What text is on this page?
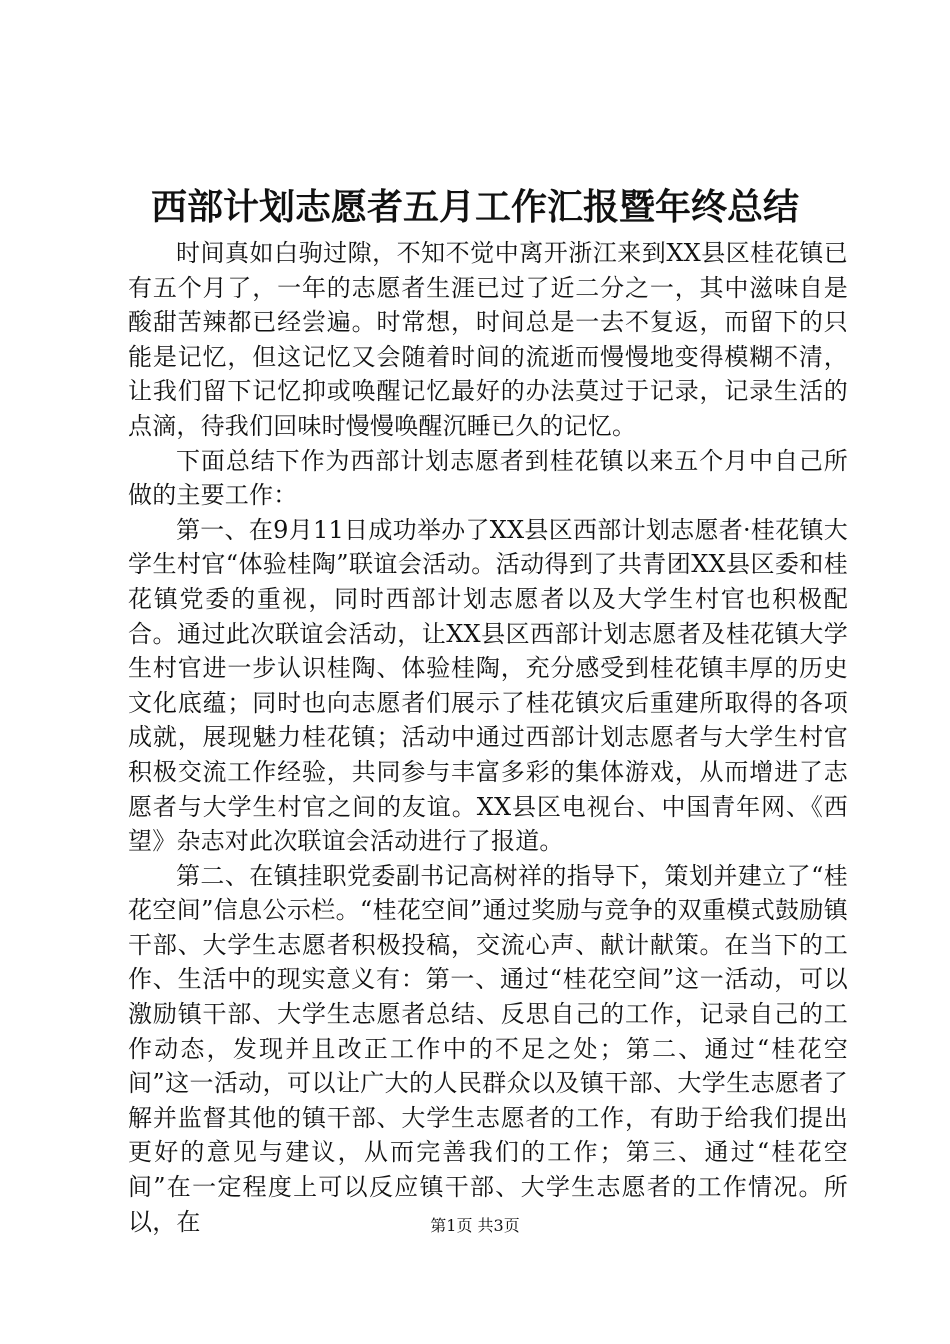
西部计划志愿者五月工作汇报暨年终总结

时间真如白驹过隙，不知不觉中离开浙江来到XX县区桂花镇已有五个月了，一年的志愿者生涯已过了近二分之一，其中滋味自是酸甜苦辣都已经尝遍。时常想，时间总是一去不复返，而留下的只能是记忆，但这记忆又会随着时间的流逝而慢慢地变得模糊不清，让我们留下记忆抑或唤醒记忆最好的办法莫过于记录，记录生活的点滴，待我们回味时慢慢唤醒沉睡已久的记忆。

下面总结下作为西部计划志愿者到桂花镇以来五个月中自己所做的主要工作：

第一、在9月11日成功举办了XX县区西部计划志愿者·桂花镇大学生村官“体验桂陶”联谊会活动。活动得到了共青团XX县区委和桂花镇党委的重视，同时西部计划志愿者以及大学生村官也积极配合。通过此次联谊会活动，让XX县区西部计划志愿者及桂花镇大学生村官进一步认识桂陶、体验桂陶，充分感受到桂花镇丰厚的历史文化底蕴；同时也向志愿者们展示了桂花镇灾后重建所取得的各项成就，展现魅力桂花镇；活动中通过西部计划志愿者与大学生村官积极交流工作经验，共同参与丰富多彩的集体游戏，从而增进了志愿者与大学生村官之间的友谊。XX县区电视台、中国青年网、《西望》杂志对此次联谊会活动进行了报道。

第二、在镇挂职党委副书记高树祥的指导下，策划并建立了“桂花空间”信息公示栏。“桂花空间”通过奖励与竞争的双重模式鼓励镇干部、大学生志愿者积极投稿，交流心声、献计献策。在当下的工作、生活中的现实意义有：第一、通过“桂花空间”这一活动，可以激励镇干部、大学生志愿者总结、反思自己的工作，记录自己的工作动态，发现并且改正工作中的不足之处；第二、通过“桂花空间”这一活动，可以让广大的人民群众以及镇干部、大学生志愿者了解并监督其他的镇干部、大学生志愿者的工作，有助于给我们提出更好的意见与建议，从而完善我们的工作；第三、通过“桂花空间”在一定程度上可以反应镇干部、大学生志愿者的工作情况。所以，在	第1页 共3页
